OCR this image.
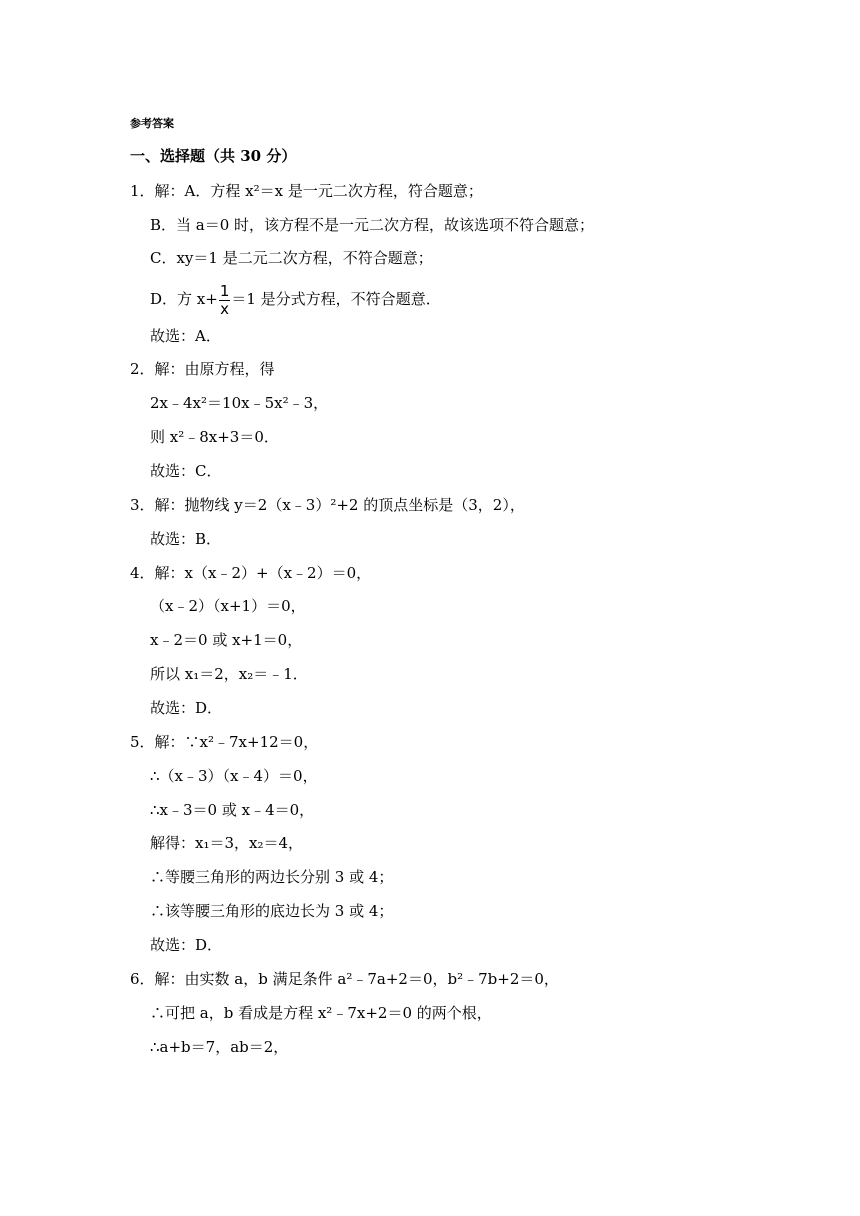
参考答案
一、选择题（共 30 分）
1．解：A．方程 x²＝x 是一元二次方程，符合题意；
B．当 a＝0 时，该方程不是一元二次方程，故该选项不符合题意；
C．xy＝1 是二元二次方程，不符合题意；
D．方 $x+ \frac{1}{x} =1$ 是分式方程，不符合题意．
故选：A．
2．解：由原方程，得
2x﹣4x²＝10x﹣5x²﹣3，
则 x²﹣8x+3＝0．
故选：C．
3．解：抛物线 y＝2（x﹣3）²+2 的顶点坐标是（3，2），
故选：B．
4．解：x（x﹣2）+（x﹣2）＝0，
（x﹣2）（x+1）＝0，
x﹣2＝0 或 x+1＝0，
所以 x₁＝2，x₂＝﹣1．
故选：D．
5．解：∵x²﹣7x+12＝0，
∴（x﹣3）（x﹣4）＝0，
∴x﹣3＝0 或 x﹣4＝0，
解得：x₁＝3，x₂＝4，
∴等腰三角形的两边长分别 3 或 4；
∴该等腰三角形的底边长为 3 或 4；
故选：D．
6．解：由实数 a，b 满足条件 a²﹣7a+2＝0，b²﹣7b+2＝0，
∴可把 a，b 看成是方程 x²﹣7x+2＝0 的两个根，
∴a+b＝7，ab＝2，
